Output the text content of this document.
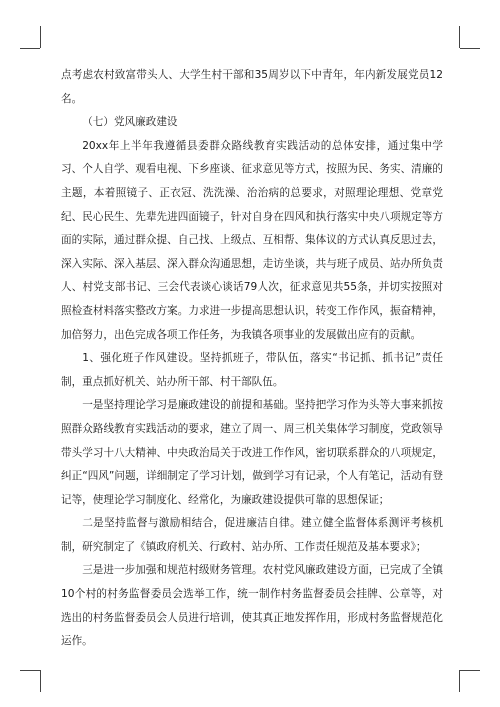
点考虑农村致富带头人、大学生村干部和35周岁以下中青年，年内新发展党员12名。

（七）党风廉政建设

20xx年上半年我遵循县委群众路线教育实践活动的总体安排，通过集中学习、个人自学、观看电视、下乡座谈、征求意见等方式，按照为民、务实、清廉的主题，本着照镜子、正衣冠、洗洗澡、治治病的总要求，对照理论理想、党章党纪、民心民生、先辈先进四面镜子，针对自身在四风和执行落实中央八项规定等方面的实际，通过群众提、自己找、上级点、互相帮、集体议的方式认真反思过去，深入实际、深入基层、深入群众沟通思想，走访坐谈，共与班子成员、站办所负责人、村党支部书记、三会代表谈心谈话79人次，征求意见共55条，并切实按照对照检查材料落实整改方案。力求进一步提高思想认识，转变工作作风，振奋精神，加倍努力，出色完成各项工作任务，为我镇各项事业的发展做出应有的贡献。

1、强化班子作风建设。坚持抓班子，带队伍，落实“书记抓、抓书记”责任制，重点抓好机关、站办所干部、村干部队伍。

一是坚持理论学习是廉政建设的前提和基础。坚持把学习作为头等大事来抓按照群众路线教育实践活动的要求，建立了周一、周三机关集体学习制度，党政领导带头学习十八大精神、中央政治局关于改进工作作风，密切联系群众的八项规定，纠正“四风”问题，详细制定了学习计划，做到学习有记录，个人有笔记，活动有登记等，使理论学习制度化、经常化，为廉政建设提供可靠的思想保证；

二是坚持监督与激励相结合，促进廉洁自律。建立健全监督体系测评考核机制，研究制定了《镇政府机关、行政村、站办所、工作责任规范及基本要求》；

三是进一步加强和规范村级财务管理。农村党风廉政建设方面，已完成了全镇10个村的村务监督委员会选举工作，统一制作村务监督委员会挂牌、公章等，对选出的村务监督委员会人员进行培训，使其真正地发挥作用，形成村务监督规范化运作。
